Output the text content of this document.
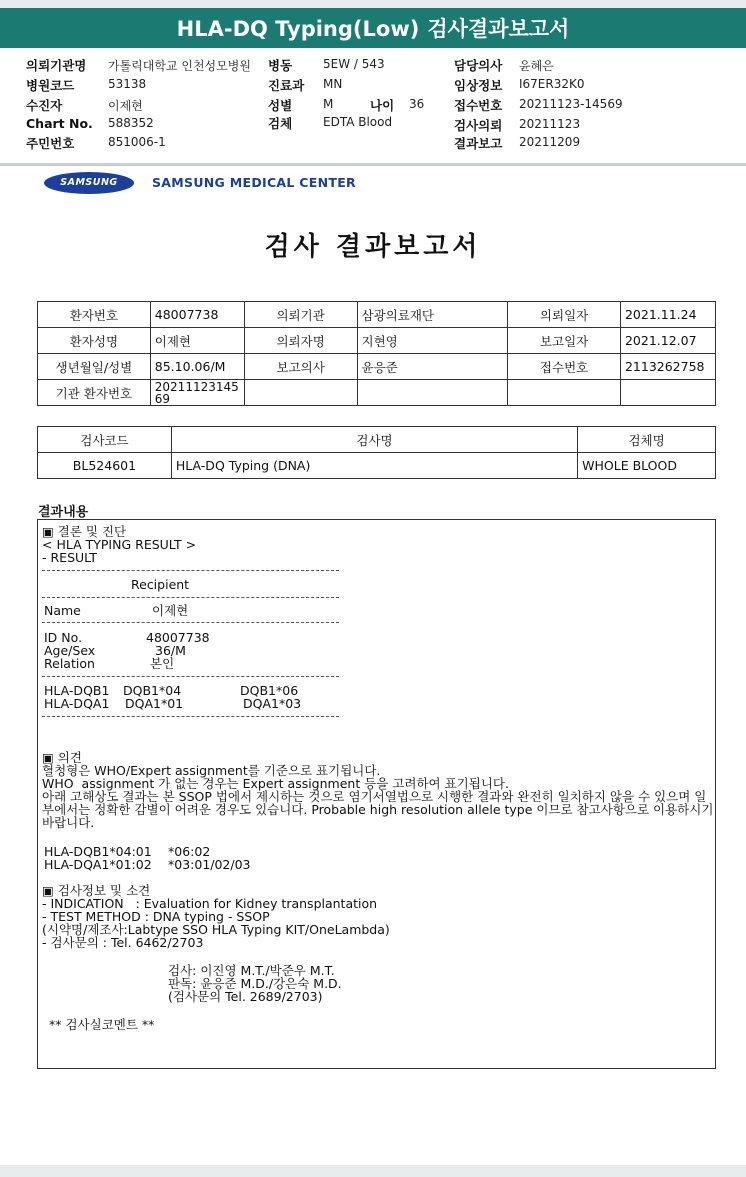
HLA-DQ Typing(Low) 검사결과보고서
의뢰기관명 가톨릭대학교 인천성모병원 병동	5EW / 543	담당의사 윤혜은
병원코드	53138	진료과 MN	임상정보 I67ER32K0
수진자	이제현	성별	M	나이 36 접수번호 20211123-14569
Chart No. 588352	검체	EDTA Blood	검사의뢰 20211123
주민번호	851006-1	결과보고 20211209
SAMSUNG	SAMSUNG MEDICAL CENTER
검사 결과보고서
환자번호	48007738	의뢰기관	삼광의료재단	의뢰일자	2021.11.24
환자성명	이제현	의뢰자명	지현영	보고일자	2021.12.07
생년월일/성별	85.10.06/M	보고의사	윤응준	접수번호	2113262758
기관 환자번호	20211123145
69				
검사코드	검사명	검체명
BL524601	HLA-DQ Typing (DNA)	WHOLE BLOOD
결과내용
▣ 결론 및 진단
< HLA TYPING RESULT >
- RESULT
Recipient
Name	이제현
ID No.	48007738
Age/Sex	36/M
Relation	본인
HLA-DQB1 DQB1*04	DQB1*06
HLA-DQA1 DQA1*01	DQA1*03
▣ 의견
혈청형은 WHO/Expert assignment를 기준으로 표기됩니다.
WHO  assignment 가 없는 경우는 Expert assignment 등을 고려하여 표기됩니다.
아래 고해상도 결과는 본 SSOP 법에서 제시하는 것으로 염기서열법으로 시행한 결과와 완전히 일치하지 않을 수 있으며 일부에서는 정확한 감별이 어려운 경우도 있습니다. Probable high resolution allele type 이므로 참고사항으로 이용하시기 바랍니다.
HLA-DQB1*04:01 *06:02
HLA-DQA1*01:02 *03:01/02/03
▣ 검사정보 및 소견
- INDICATION   : Evaluation for Kidney transplantation
- TEST METHOD : DNA typing - SSOP
(시약명/제조사:Labtype SSO HLA Typing KIT/OneLambda)
- 검사문의 : Tel. 6462/2703
검사: 이진영 M.T./박준우 M.T.
판독: 윤응준 M.D./강은숙 M.D.
(검사문의 Tel. 2689/2703)
** 검사실코멘트 **
